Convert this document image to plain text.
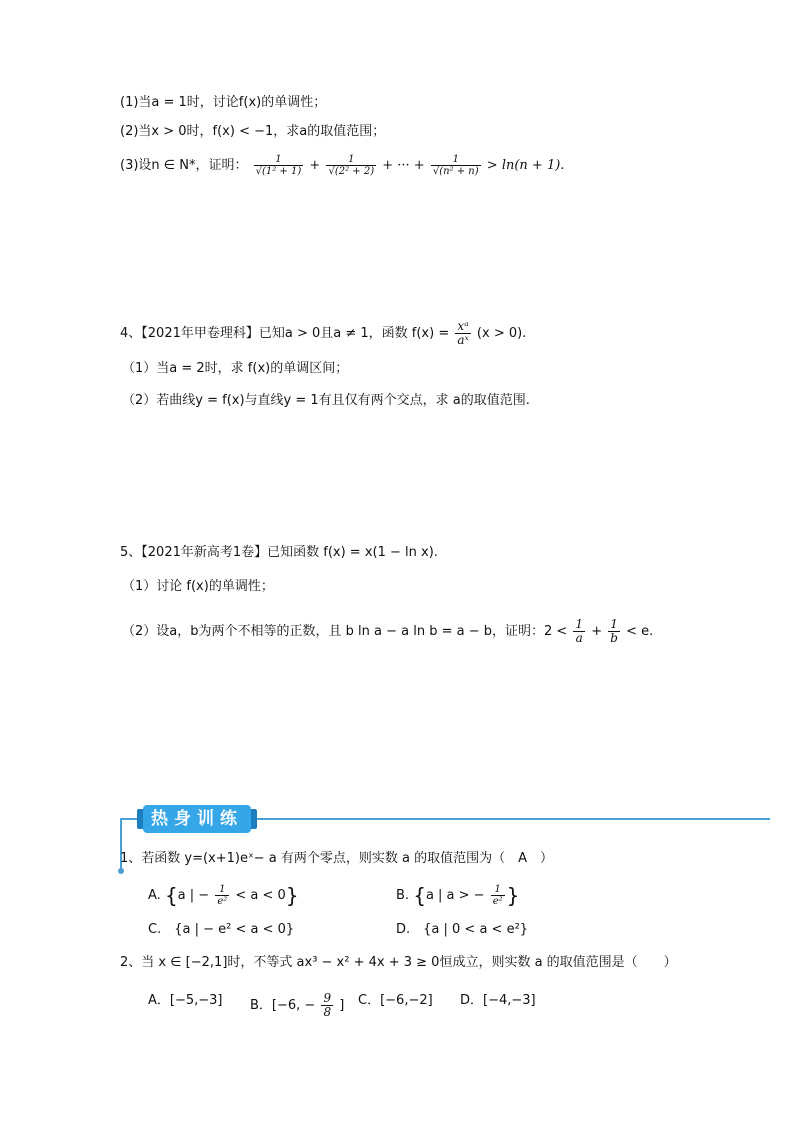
(1)当a = 1时，讨论f(x)的单调性；
(2)当x > 0时，f(x) < −1，求a的取值范围；
(3)设n ∈ N*，证明： $\frac{1}{\text{√(1² + 1)}} + \frac{1}{\text{√(2² + 2)}}$ + ··· + $\frac{1}{\text{√(n² + n)}} > \ln(n + 1)$.
4、【2021年甲卷理科】已知a > 0且a ≠ 1，函数 $f(x) = \frac{\text{xᵃ}}{\text{aˣ}} (x > 0)$.
（1）当a = 2时，求 f(x)的单调区间；
（2）若曲线y = f(x)与直线y = 1有且仅有两个交点，求 a的取值范围.
5、【2021年新高考1卷】已知函数 f(x) = x(1 − ln x).
（1）讨论 f(x)的单调性；
（2）设a，b为两个不相等的正数，且 b ln a − a ln b = a − b，证明：$2 < \frac{1}{a} + \frac{1}{b} < e$.
热身训练
1、若函数 y=(x+1)eˣ− a 有两个零点，则实数 a 的取值范围为（　A　）
A. {a | − $\frac{1}{\text{e²}} < a < 0$}	B. {a | a > − $\frac{1}{\text{e²}}$ }
C.　{a | − e² < a < 0}	D.　{a | 0 < a < e²}
2、当 x ∈ [−2,1]时，不等式 ax³ − x² + 4x + 3 ≥ 0恒成立，则实数 a 的取值范围是（　　）
A．[−5,−3] B．[−6, − $\frac{9}{8}$ ] C．[−6,−2] D．[−4,−3]
